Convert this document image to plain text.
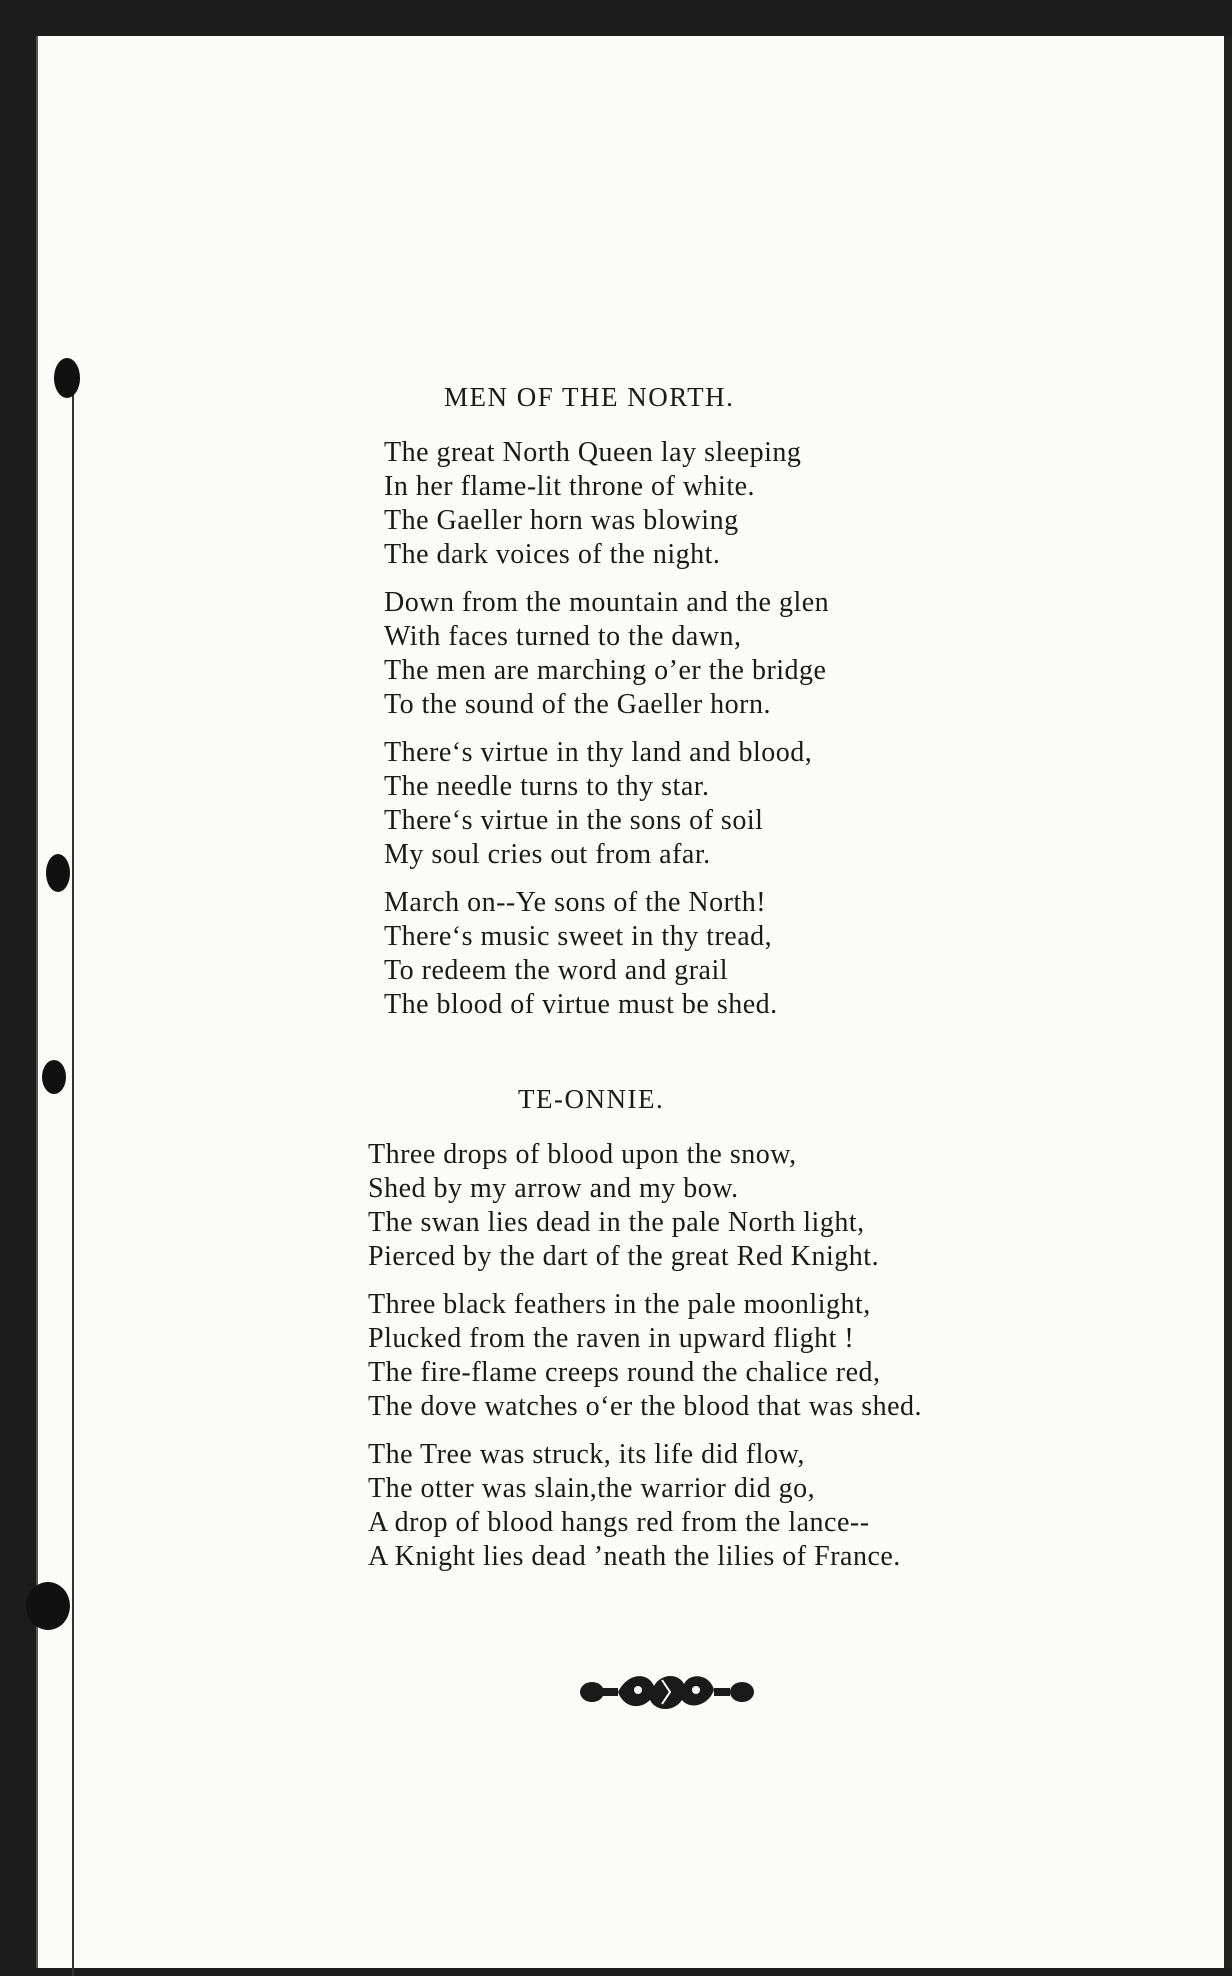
MEN OF THE NORTH.
The great North Queen lay sleeping
In her flame-lit throne of white.
The Gaeller horn was blowing
The dark voices of the night.
Down from the mountain and the glen
With faces turned to the dawn,
The men are marching o’er the bridge
To the sound of the Gaeller horn.
There‘s virtue in thy land and blood,
The needle turns to thy star.
There‘s virtue in the sons of soil
My soul cries out from afar.
March on--Ye sons of the North!
There‘s music sweet in thy tread,
To redeem the word and grail
The blood of virtue must be shed.
TE-ONNIE.
Three drops of blood upon the snow,
Shed by my arrow and my bow.
The swan lies dead in the pale North light,
Pierced by the dart of the great Red Knight.
Three black feathers in the pale moonlight,
Plucked from the raven in upward flight !
The fire-flame creeps round the chalice red,
The dove watches o‘er the blood that was shed.
The Tree was struck, its life did flow,
The otter was slain,the warrior did go,
A drop of blood hangs red from the lance--
A Knight lies dead ’neath the lilies of France.
